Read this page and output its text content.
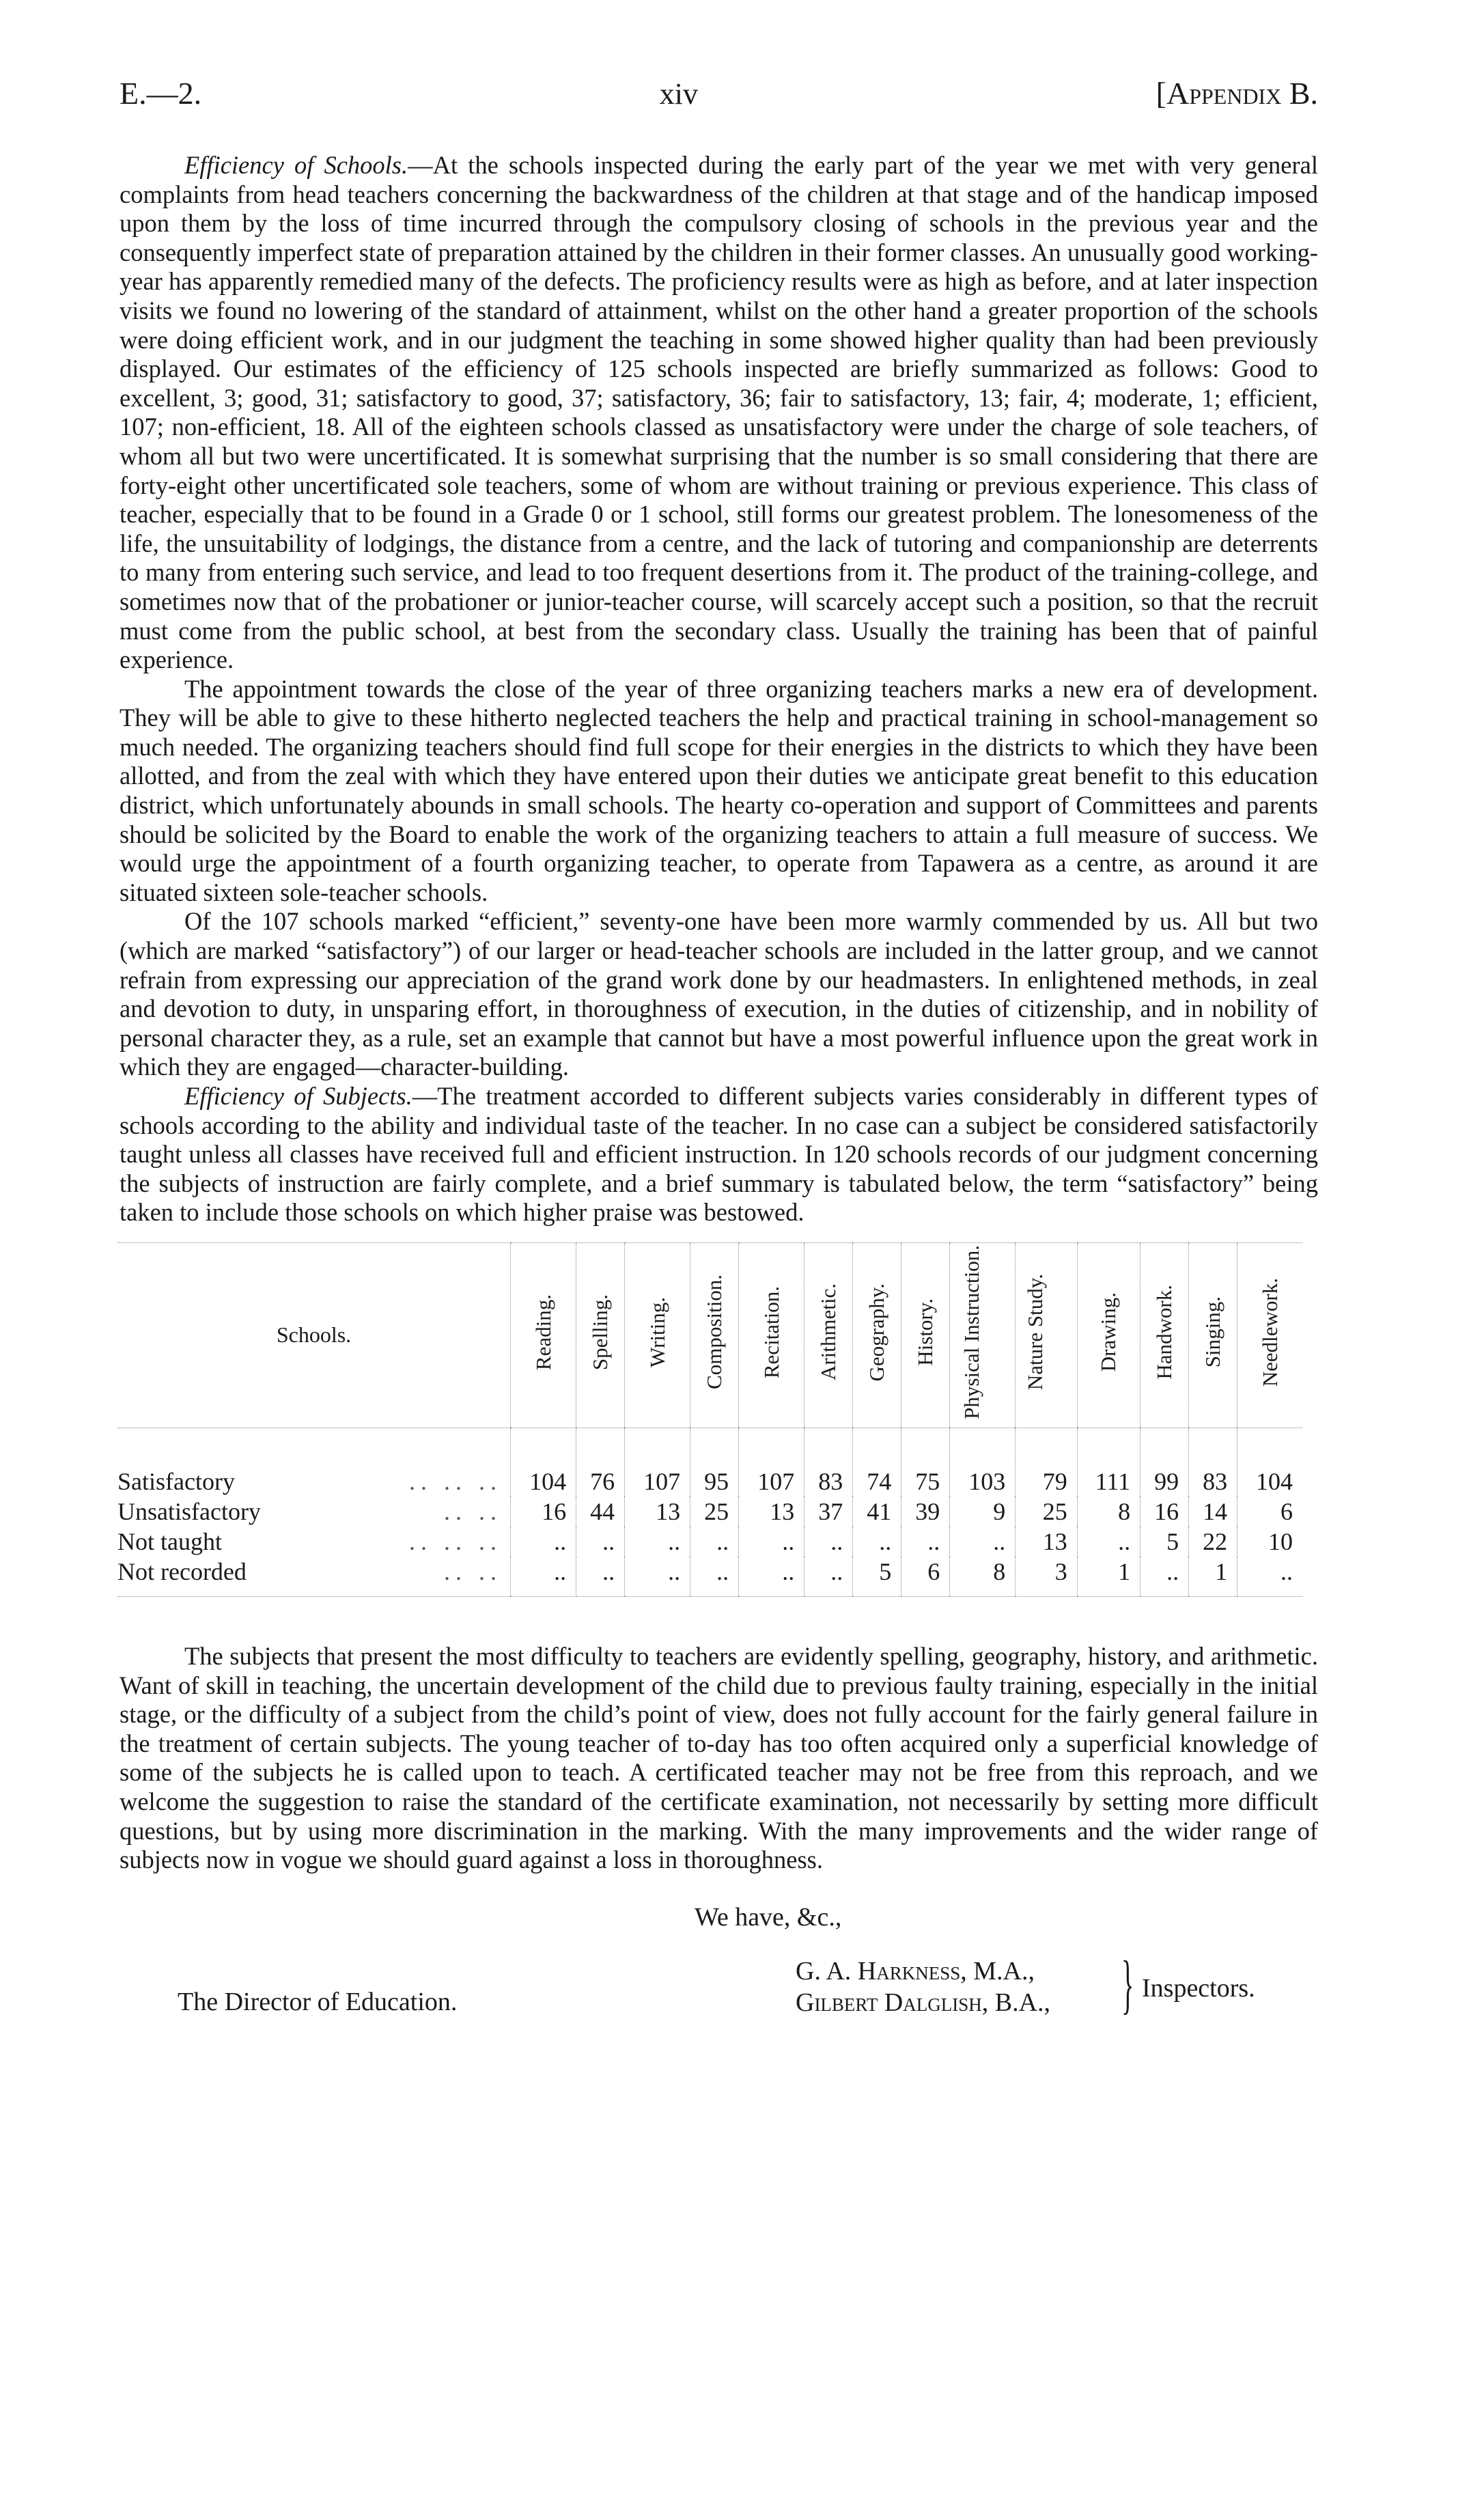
E.—2.	xiv	[Appendix B.

Efficiency of Schools.—At the schools inspected during the early part of the year we met with very general complaints from head teachers concerning the backwardness of the children at that stage and of the handicap imposed upon them by the loss of time incurred through the compulsory closing of schools in the previous year and the consequently imperfect state of preparation attained by the children in their former classes. An unusually good working-year has apparently remedied many of the defects. The proficiency results were as high as before, and at later inspection visits we found no lowering of the standard of attainment, whilst on the other hand a greater proportion of the schools were doing efficient work, and in our judgment the teaching in some showed higher quality than had been previously displayed. Our estimates of the efficiency of 125 schools inspected are briefly summarized as follows: Good to excellent, 3; good, 31; satisfactory to good, 37; satisfactory, 36; fair to satisfactory, 13; fair, 4; moderate, 1; efficient, 107; non-efficient, 18. All of the eighteen schools classed as unsatisfactory were under the charge of sole teachers, of whom all but two were uncertificated. It is somewhat surprising that the number is so small considering that there are forty-eight other uncertificated sole teachers, some of whom are without training or previous experience. This class of teacher, especially that to be found in a Grade 0 or 1 school, still forms our greatest problem. The lonesomeness of the life, the unsuitability of lodgings, the distance from a centre, and the lack of tutoring and companionship are deterrents to many from entering such service, and lead to too frequent desertions from it. The product of the training-college, and sometimes now that of the probationer or junior-teacher course, will scarcely accept such a position, so that the recruit must come from the public school, at best from the secondary class. Usually the training has been that of painful experience.

The appointment towards the close of the year of three organizing teachers marks a new era of development. They will be able to give to these hitherto neglected teachers the help and practical training in school-management so much needed. The organizing teachers should find full scope for their energies in the districts to which they have been allotted, and from the zeal with which they have entered upon their duties we anticipate great benefit to this education district, which unfortunately abounds in small schools. The hearty co-operation and support of Committees and parents should be solicited by the Board to enable the work of the organizing teachers to attain a full measure of success. We would urge the appointment of a fourth organizing teacher, to operate from Tapawera as a centre, as around it are situated sixteen sole-teacher schools.

Of the 107 schools marked “efficient,” seventy-one have been more warmly commended by us. All but two (which are marked “satisfactory”) of our larger or head-teacher schools are included in the latter group, and we cannot refrain from expressing our appreciation of the grand work done by our headmasters. In enlightened methods, in zeal and devotion to duty, in unsparing effort, in thoroughness of execution, in the duties of citizenship, and in nobility of personal character they, as a rule, set an example that cannot but have a most powerful influence upon the great work in which they are engaged—character-building.

Efficiency of Subjects.—The treatment accorded to different subjects varies considerably in different types of schools according to the ability and individual taste of the teacher. In no case can a subject be considered satisfactorily taught unless all classes have received full and efficient instruction. In 120 schools records of our judgment concerning the subjects of instruction are fairly complete, and a brief summary is tabulated below, the term “satisfactory” being taken to include those schools on which higher praise was bestowed.

Schools.	Reading.	Spelling.	Writing.	Composition.	Recitation.	Arithmetic.	Geography.	History.	Physical Instruction.	Nature Study.	Drawing.	Handwork.	Singing.	Needlework.

Satisfactory .. .. ..	104	76	107	95	107	83	74	75	103	79	111	99	83	104

Unsatisfactory .. ..	16	44	13	25	13	37	41	39	9	25	8	16	14	6

Not taught .. .. ..	..	..	..	..	..	..	..	..	..	13	..	5	22	10

Not recorded .. ..	..	..	..	..	..	..	5	6	8	3	1	..	1	..

The subjects that present the most difficulty to teachers are evidently spelling, geography, history, and arithmetic. Want of skill in teaching, the uncertain development of the child due to previous faulty training, especially in the initial stage, or the difficulty of a subject from the child’s point of view, does not fully account for the fairly general failure in the treatment of certain subjects. The young teacher of to-day has too often acquired only a superficial knowledge of some of the subjects he is called upon to teach. A certificated teacher may not be free from this reproach, and we welcome the suggestion to raise the standard of the certificate examination, not necessarily by setting more difficult questions, but by using more discrimination in the marking. With the many improvements and the wider range of subjects now in vogue we should guard against a loss in thoroughness.

We have, &c.,
G. A. Harkness, M.A.,
Gilbert Dalglish, B.A., } Inspectors.
The Director of Education.
